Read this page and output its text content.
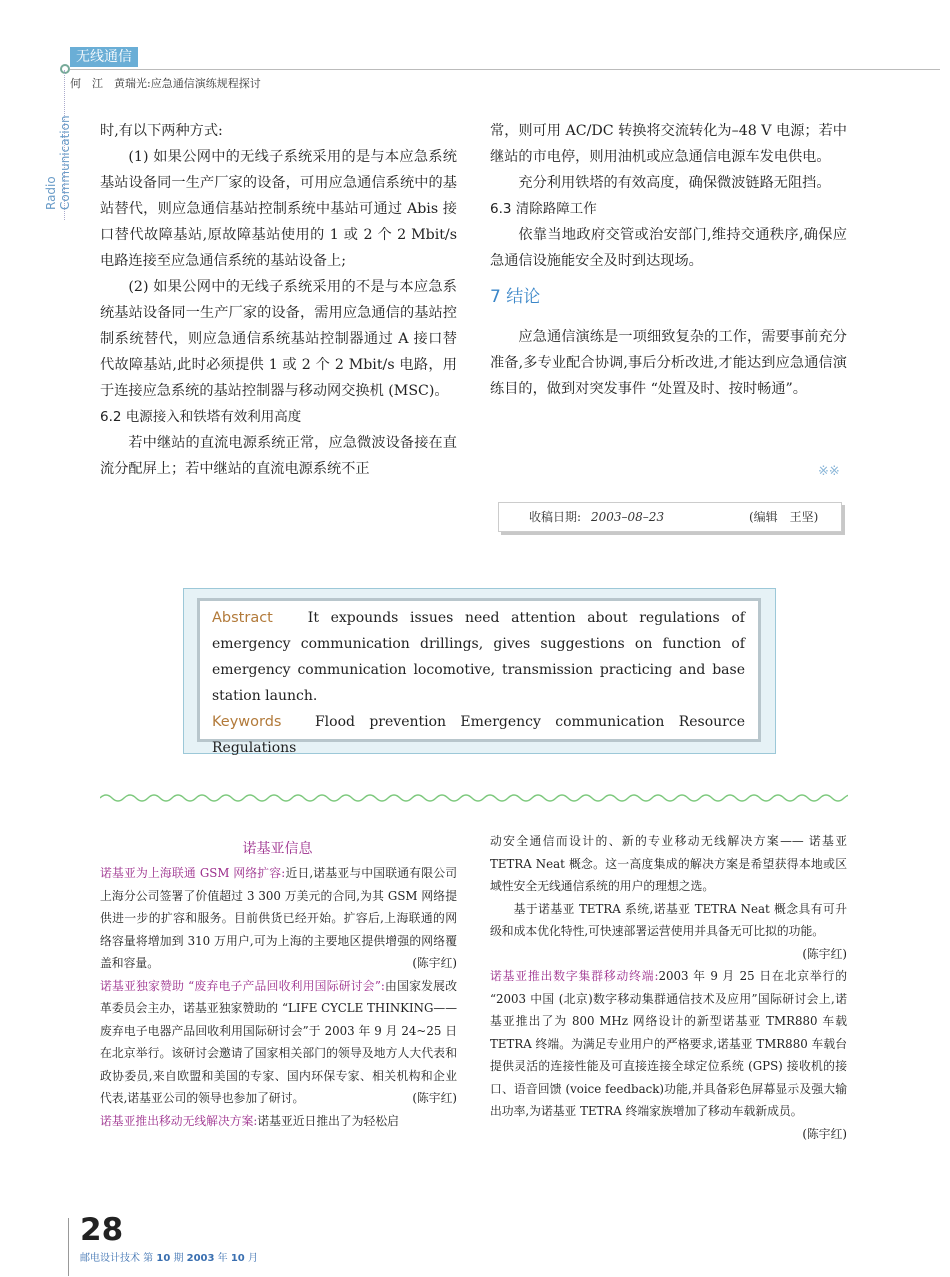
无线通信
何　江　黄瑞光:应急通信演练规程探讨
Radio Communication 时,有以下两种方式:

(1) 如果公网中的无线子系统采用的是与本应急系统基站设备同一生产厂家的设备，可用应急通信系统中的基站替代，则应急通信基站控制系统中基站可通过 Abis 接口替代故障基站,原故障基站使用的 1 或 2 个 2 Mbit/s 电路连接至应急通信系统的基站设备上;

(2) 如果公网中的无线子系统采用的不是与本应急系统基站设备同一生产厂家的设备，需用应急通信的基站控制系统替代，则应急通信系统基站控制器通过 A 接口替代故障基站,此时必须提供 1 或 2 个 2 Mbit/s 电路，用于连接应急系统的基站控制器与移动网交换机 (MSC)。

6.2 电源接入和铁塔有效利用高度

若中继站的直流电源系统正常，应急微波设备接在直流分配屏上；若中继站的直流电源系统不正

常，则可用 AC/DC 转换将交流转化为–48 V 电源；若中继站的市电停，则用油机或应急通信电源车发电供电。

充分利用铁塔的有效高度，确保微波链路无阻挡。

6.3 清除路障工作

依靠当地政府交管或治安部门,维持交通秩序,确保应急通信设施能安全及时到达现场。

7 结论

应急通信演练是一项细致复杂的工作，需要事前充分准备,多专业配合协调,事后分析改进,才能达到应急通信演练目的，做到对突发事件 “处置及时、按时畅通”。

※※
收稿日期: 2003–08–23	(编辑　王坚)
Abstract It expounds issues need attention about regulations of emergency communication drillings, gives suggestions on function of emergency communication locomotive, transmission practicing and base station launch.
Keywords Flood prevention Emergency communication Resource Regulations
诺基亚信息

诺基亚为上海联通 GSM 网络扩容:近日,诺基亚与中国联通有限公司上海分公司签署了价值超过 3 300 万美元的合同,为其 GSM 网络提供进一步的扩容和服务。目前供货已经开始。扩容后,上海联通的网络容量将增加到 310 万用户,可为上海的主要地区提供增强的网络覆盖和容量。	(陈宇红)

诺基亚独家赞助 “废弃电子产品回收利用国际研讨会”:由国家发展改革委员会主办，诺基亚独家赞助的 “LIFE CYCLE THINKING—— 废弃电子电器产品回收利用国际研讨会”于 2003 年 9 月 24~25 日在北京举行。该研讨会邀请了国家相关部门的领导及地方人大代表和政协委员,来自欧盟和美国的专家、国内环保专家、相关机构和企业代表,诺基亚公司的领导也参加了研讨。	(陈宇红)

诺基亚推出移动无线解决方案:诺基亚近日推出了为轻松启

动安全通信而设计的、新的专业移动无线解决方案—— 诺基亚 TETRA Neat 概念。这一高度集成的解决方案是希望获得本地或区域性安全无线通信系统的用户的理想之选。

基于诺基亚 TETRA 系统,诺基亚 TETRA Neat 概念具有可升级和成本优化特性,可快速部署运营使用并具备无可比拟的功能。
(陈宇红)

诺基亚推出数字集群移动终端:2003 年 9 月 25 日在北京举行的 “2003 中国 (北京)数字移动集群通信技术及应用”国际研讨会上,诺基亚推出了为 800 MHz 网络设计的新型诺基亚 TMR880 车载 TETRA 终端。为满足专业用户的严格要求,诺基亚 TMR880 车载台提供灵活的连接性能及可直接连接全球定位系统 (GPS) 接收机的接口、语音回馈 (voice feedback)功能,并具备彩色屏幕显示及强大输出功率,为诺基亚 TETRA 终端家族增加了移动车载新成员。
(陈宇红)

28
邮电设计技术 第 10 期 2003 年 10 月
